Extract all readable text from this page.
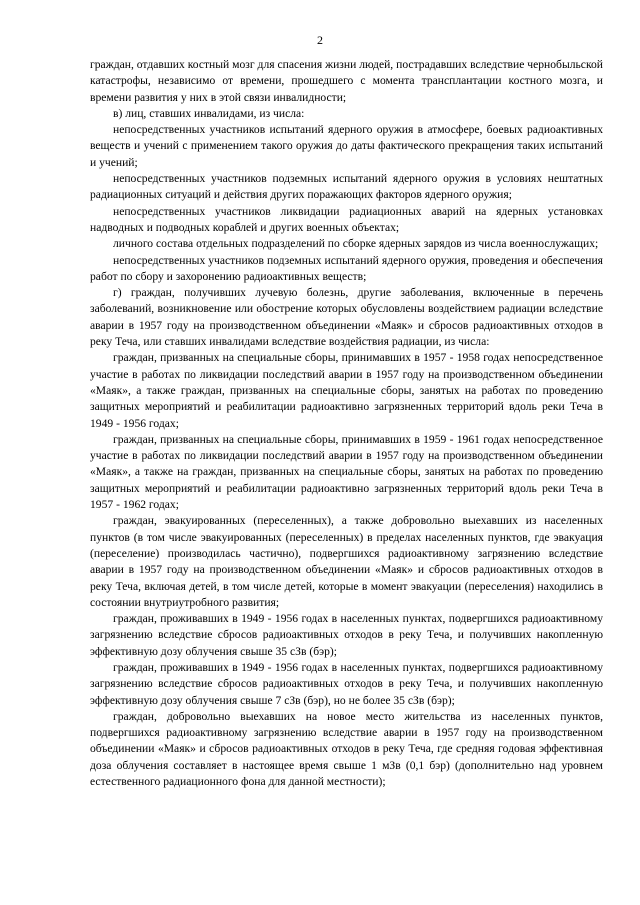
2

граждан, отдавших костный мозг для спасения жизни людей, пострадавших вследствие чернобыльской катастрофы, независимо от времени, прошедшего с момента трансплантации костного мозга, и времени развития у них в этой связи инвалидности;

в) лиц, ставших инвалидами, из числа:

непосредственных участников испытаний ядерного оружия в атмосфере, боевых радиоактивных веществ и учений с применением такого оружия до даты фактического прекращения таких испытаний и учений;

непосредственных участников подземных испытаний ядерного оружия в условиях нештатных радиационных ситуаций и действия других поражающих факторов ядерного оружия;

непосредственных участников ликвидации радиационных аварий на ядерных установках надводных и подводных кораблей и других военных объектах;

личного состава отдельных подразделений по сборке ядерных зарядов из числа военнослужащих;

непосредственных участников подземных испытаний ядерного оружия, проведения и обеспечения работ по сбору и захоронению радиоактивных веществ;

г) граждан, получивших лучевую болезнь, другие заболевания, включенные в перечень заболеваний, возникновение или обострение которых обусловлены воздействием радиации вследствие аварии в 1957 году на производственном объединении «Маяк» и сбросов радиоактивных отходов в реку Теча, или ставших инвалидами вследствие воздействия радиации, из числа:

граждан, призванных на специальные сборы, принимавших в 1957 - 1958 годах непосредственное участие в работах по ликвидации последствий аварии в 1957 году на производственном объединении «Маяк», а также граждан, призванных на специальные сборы, занятых на работах по проведению защитных мероприятий и реабилитации радиоактивно загрязненных территорий вдоль реки Теча в 1949 - 1956 годах;

граждан, призванных на специальные сборы, принимавших в 1959 - 1961 годах непосредственное участие в работах по ликвидации последствий аварии в 1957 году на производственном объединении «Маяк», а также на граждан, призванных на специальные сборы, занятых на работах по проведению защитных мероприятий и реабилитации радиоактивно загрязненных территорий вдоль реки Теча в 1957 - 1962 годах;

граждан, эвакуированных (переселенных), а также добровольно выехавших из населенных пунктов (в том числе эвакуированных (переселенных) в пределах населенных пунктов, где эвакуация (переселение) производилась частично), подвергшихся радиоактивному загрязнению вследствие аварии в 1957 году на производственном объединении «Маяк» и сбросов радиоактивных отходов в реку Теча, включая детей, в том числе детей, которые в момент эвакуации (переселения) находились в состоянии внутриутробного развития;

граждан, проживавших в 1949 - 1956 годах в населенных пунктах, подвергшихся радиоактивному загрязнению вследствие сбросов радиоактивных отходов в реку Теча, и получивших накопленную эффективную дозу облучения свыше 35 сЗв (бэр);

граждан, проживавших в 1949 - 1956 годах в населенных пунктах, подвергшихся радиоактивному загрязнению вследствие сбросов радиоактивных отходов в реку Теча, и получивших накопленную эффективную дозу облучения свыше 7 сЗв (бэр), но не более 35 сЗв (бэр);

граждан, добровольно выехавших на новое место жительства из населенных пунктов, подвергшихся радиоактивному загрязнению вследствие аварии в 1957 году на производственном объединении «Маяк» и сбросов радиоактивных отходов в реку Теча, где средняя годовая эффективная доза облучения составляет в настоящее время свыше 1 мЗв (0,1 бэр) (дополнительно над уровнем естественного радиационного фона для данной местности);
